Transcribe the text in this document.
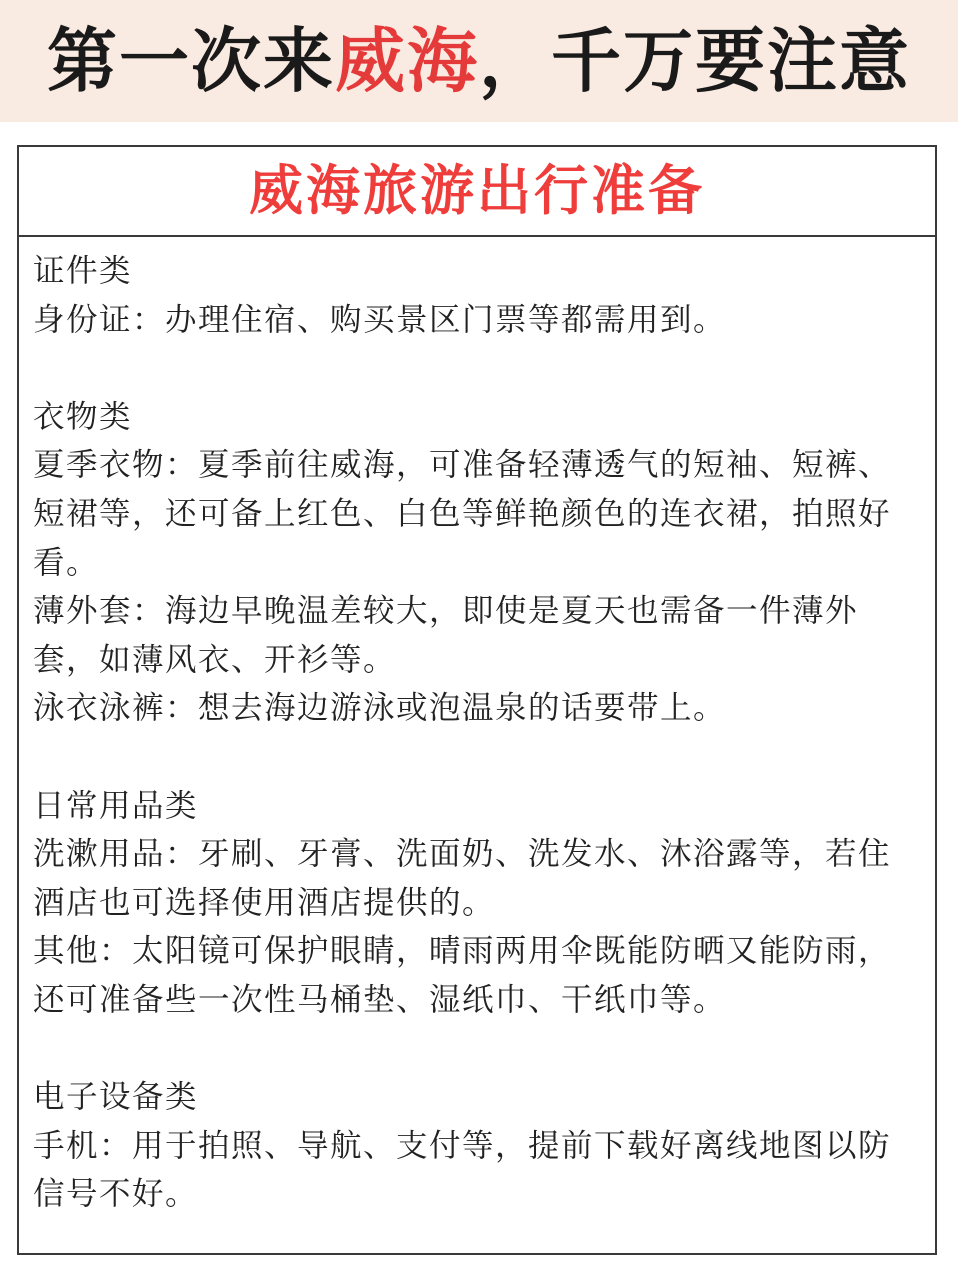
第一次来威海，千万要注意
威海旅游出行准备

证件类

身份证：办理住宿、购买景区门票等都需用到。

衣物类

夏季衣物：夏季前往威海，可准备轻薄透气的短袖、短裤、短裙等，还可备上红色、白色等鲜艳颜色的连衣裙，拍照好看。

薄外套：海边早晚温差较大，即使是夏天也需备一件薄外套，如薄风衣、开衫等。

泳衣泳裤：想去海边游泳或泡温泉的话要带上。

日常用品类

洗漱用品：牙刷、牙膏、洗面奶、洗发水、沐浴露等，若住酒店也可选择使用酒店提供的。

其他：太阳镜可保护眼睛，晴雨两用伞既能防晒又能防雨，还可准备些一次性马桶垫、湿纸巾、干纸巾等。

电子设备类

手机：用于拍照、导航、支付等，提前下载好离线地图以防信号不好。
